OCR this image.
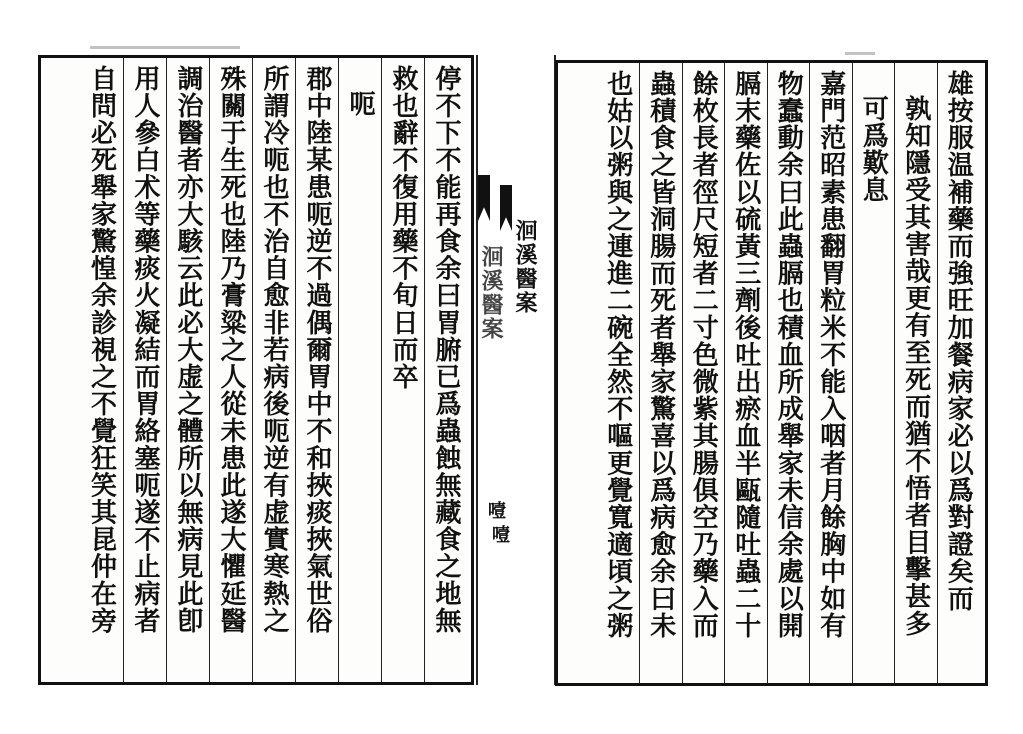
停不下不能再食余曰胃腑已爲蟲蝕無藏食之地無
救也辭不復用藥不旬日而卒
呃
郡中陸某患呃逆不過偶爾胃中不和挾痰挾氣世俗
所謂冷呃也不治自愈非若病後呃逆有虚實寒熱之
殊關于生死也陸乃膏粱之人從未患此遂大懼延醫
調治醫者亦大駭云此必大虚之體所以無病見此卽
用人參白术等藥痰火凝結而胃絡塞呃遂不止病者
自問必死舉家驚惶余診視之不覺狂笑其昆仲在旁	洄溪醫案 洄溪醫案
噎
噎	雄按服温補藥而強旺加餐病家必以爲對證矣而
孰知隱受其害哉更有至死而猶不悟者目擊甚多
可爲歎息
嘉門范昭素患翻胃粒米不能入咽者月餘胸中如有
物蠢動余曰此蟲膈也積血所成舉家未信余處以開
膈末藥佐以硫黃三劑後吐出瘀血半甌隨吐蟲二十
餘枚長者徑尺短者二寸色微紫其腸俱空乃藥入而
蟲積食之皆洞腸而死者舉家驚喜以爲病愈余曰未
也姑以粥與之連進二碗全然不嘔更覺寬適頃之粥
